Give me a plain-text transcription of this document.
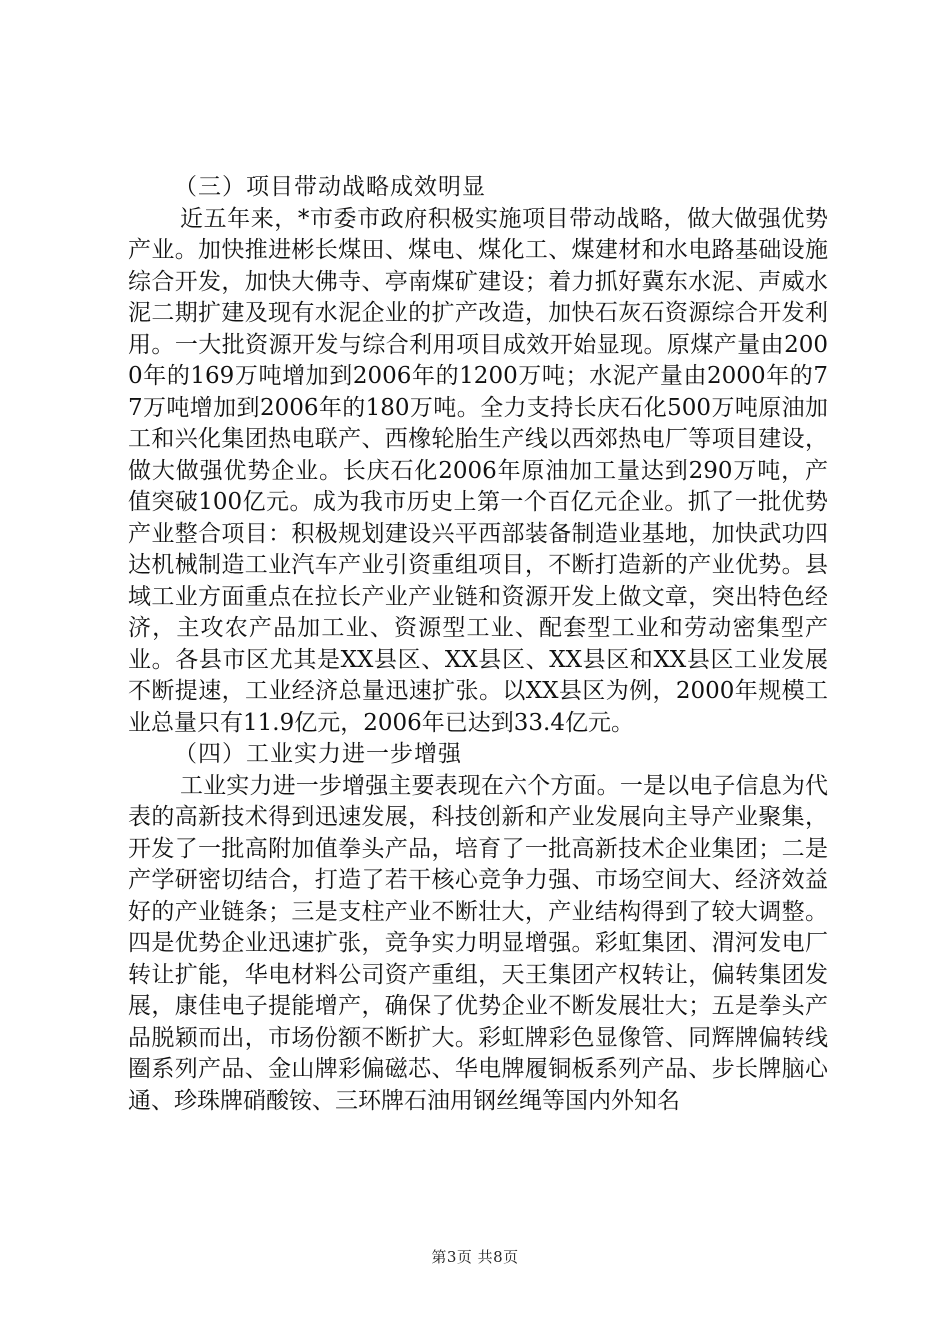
（三）项目带动战略成效明显

近五年来，*市委市政府积极实施项目带动战略，做大做强优势产业。加快推进彬长煤田、煤电、煤化工、煤建材和水电路基础设施综合开发，加快大佛寺、亭南煤矿建设；着力抓好冀东水泥、声威水泥二期扩建及现有水泥企业的扩产改造，加快石灰石资源综合开发利用。一大批资源开发与综合利用项目成效开始显现。原煤产量由2000年的169万吨增加到2006年的1200万吨；水泥产量由2000年的77万吨增加到2006年的180万吨。全力支持长庆石化500万吨原油加工和兴化集团热电联产、西橡轮胎生产线以西郊热电厂等项目建设，做大做强优势企业。长庆石化2006年原油加工量达到290万吨，产值突破100亿元。成为我市历史上第一个百亿元企业。抓了一批优势产业整合项目：积极规划建设兴平西部装备制造业基地，加快武功四达机械制造工业汽车产业引资重组项目，不断打造新的产业优势。县域工业方面重点在拉长产业产业链和资源开发上做文章，突出特色经济，主攻农产品加工业、资源型工业、配套型工业和劳动密集型产业。各县市区尤其是XX县区、XX县区、XX县区和XX县区工业发展不断提速，工业经济总量迅速扩张。以XX县区为例，2000年规模工业总量只有11.9亿元，2006年已达到33.4亿元。

（四）工业实力进一步增强

工业实力进一步增强主要表现在六个方面。一是以电子信息为代表的高新技术得到迅速发展，科技创新和产业发展向主导产业聚集，开发了一批高附加值拳头产品，培育了一批高新技术企业集团；二是产学研密切结合，打造了若干核心竞争力强、市场空间大、经济效益好的产业链条；三是支柱产业不断壮大，产业结构得到了较大调整。四是优势企业迅速扩张，竞争实力明显增强。彩虹集团、渭河发电厂转让扩能，华电材料公司资产重组，天王集团产权转让，偏转集团发展，康佳电子提能增产，确保了优势企业不断发展壮大；五是拳头产品脱颖而出，市场份额不断扩大。彩虹牌彩色显像管、同辉牌偏转线圈系列产品、金山牌彩偏磁芯、华电牌履铜板系列产品、步长牌脑心通、珍珠牌硝酸铵、三环牌石油用钢丝绳等国内外知名

第3页 共8页
